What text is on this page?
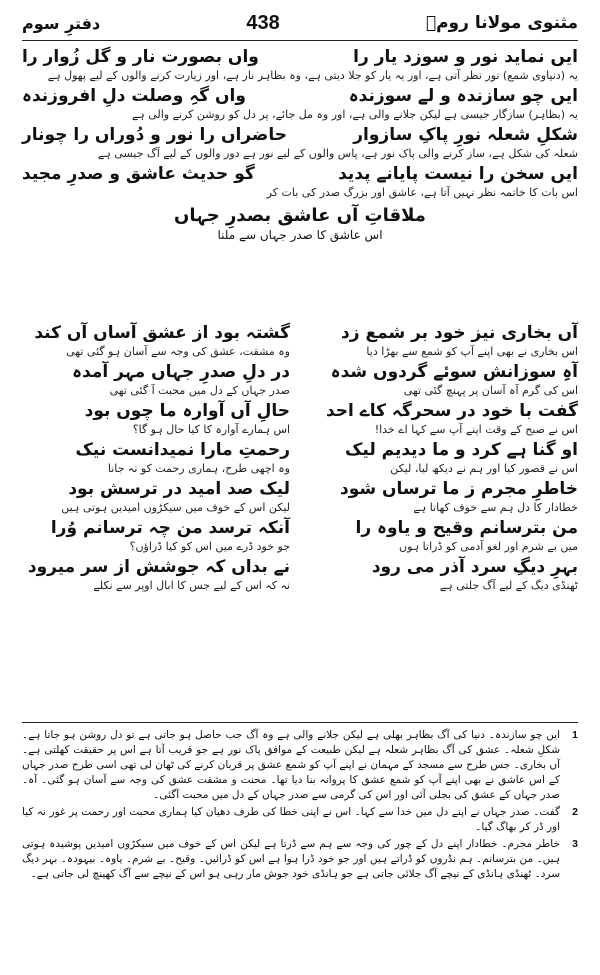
مثنوی مولانا رومؒ
438
دفترِ سوم
ایں نماید نور و سوزد یار را
واں بصورت نار و گل زُوار را
یہ (دنیاوی شمع) نور نظر آتی ہے، اور یہ یار کو جلا دیتی ہے، وہ بظاہر نار ہے، اور زیارت کرنے والوں کے لیے پھول ہے
ایں چو سازندہ و لے سوزندہ
واں گہِ وصلت دلِ افروزندہ
یہ (بظاہر) سازگار جیسی ہے لیکن جلانے والی ہے، اور وہ مل جائے، پر دل کو روشن کرنے والی ہے
شکلِ شعلہ نورِ پاکِ سازوار
حاضراں را نور و دُوراں را چونار
شعلہ کی شکل ہے، ساز کرنے والی پاک نور ہے، پاس والوں کے لیے نور ہے دور والوں کے لیے آگ جیسی ہے
ایں سخن را نیست پایانے پدید
گو حدیث عاشق و صدرِ مجید
اس بات کا خاتمہ نظر نہیں آتا ہے، عاشق اور بزرگ صدر کی بات کر
ملاقاتِ آں عاشق بصدرِ جہاں
اس عاشق کا صدر جہاں سے ملنا
آں بخاری نیز خود بر شمع زد
اس بخاری نے بھی اپنے آپ کو شمع سے بھڑا دیا
آہِ سوزانش سوئے گردوں شدہ
اس کی گرم آہ آسان پر پہنچ گئی تھی
گفت با خود در سحرگہ کاے احد
اس نے صبح کے وقت اپنے آپ سے کہا اے خدا!
او گنا ہے کرد و ما دیدیم لیک
اس نے قصور کیا اور ہم نے دیکھ لیا، لیکن
خاطرِ مجرم ز ما ترساں شود
خطادار کا دل ہم سے خوف کھاتا ہے
من بترسانم وقیح و یاوہ را
میں بے شرم اور لغو آدمی کو ڈراتا ہوں
بہرِ دیگِ سرد آذر می رود
ٹھنڈی دیگ کے لیے آگ جلتی ہے
گشتہ بود از عشق آساں آں کند
وہ مشقت، عشق کی وجہ سے آسان ہو گئی تھی
در دلِ صدرِ جہاں مہر آمدہ
صدر جہاں کے دل میں محبت آ گئی تھی
حالِ آں آوارہ ما چوں بود
اس ہمارے آوارہ کا کیا حال ہو گا؟
رحمتِ مارا نمیدانست نیک
وہ اچھی طرح، ہماری رحمت کو نہ جانا
لیک صد امید در ترسش بود
لیکن اس کے خوف میں سیکڑوں امیدیں ہوتی ہیں
آنکہ ترسد من چہ ترسانم وُرا
جو خود ڈرے میں اس کو کیا ڈراؤں؟
نے بداں کہ جوشش از سر میرود
نہ کہ اس کے لیے جس کا ابال اوپر سے نکلے
1
ایں چو سازندہ۔ دنیا کی آگ بظاہر بھلی ہے لیکن جلانے والی ہے وہ آگ جب حاصل ہو جاتی ہے تو دل روشن ہو جاتا ہے۔ شکلِ شعلہ۔ عشق کی آگ بظاہر شعلہ ہے لیکن طبیعت کے موافق پاک نور ہے جو قریب آتا ہے اس پر حقیقت کھلتی ہے۔ آں بخاری۔ جس طرح سے مسجد کے مہمان نے اپنے آپ کو شمع عشق پر قربان کرنے کی ٹھان لی تھی اسی طرح صدر جہاں کے اس عاشق نے بھی اپنے آپ کو شمع عشق کا پروانہ بنا دیا تھا۔ محنت و مشقت عشق کی وجہ سے آسان ہو گئی۔ آہ۔ صدر جہاں کے عشق کی بجلی آئی اور اس کی گرمی سے صدر جہاں کے دل میں محبت آگئی۔
2
گفت۔ صدر جہاں نے اپنے دل میں خدا سے کہا۔ اس نے اپنی خطا کی طرف دھیان کیا ہماری محبت اور رحمت پر غور نہ کیا اور ڈر کر بھاگ گیا۔
3
خاطر مجرم۔ خطادار اپنے دل کے چور کی وجہ سے ہم سے ڈرتا ہے لیکن اس کے خوف میں سیکڑوں امیدیں پوشیدہ ہوتی ہیں۔ من بترسانم۔ ہم نڈروں کو ڈراتے ہیں اور جو خود ڈرا ہوا ہے اس کو ڈرائیں۔ وقیح۔ بے شرم۔ یاوہ۔ بیہودہ۔ بہر دیگ سرد۔ ٹھنڈی ہانڈی کے نیچے آگ جلائی جاتی ہے جو ہانڈی خود جوش مار رہی ہو اس کے نیچے سے آگ کھینچ لی جاتی ہے۔
